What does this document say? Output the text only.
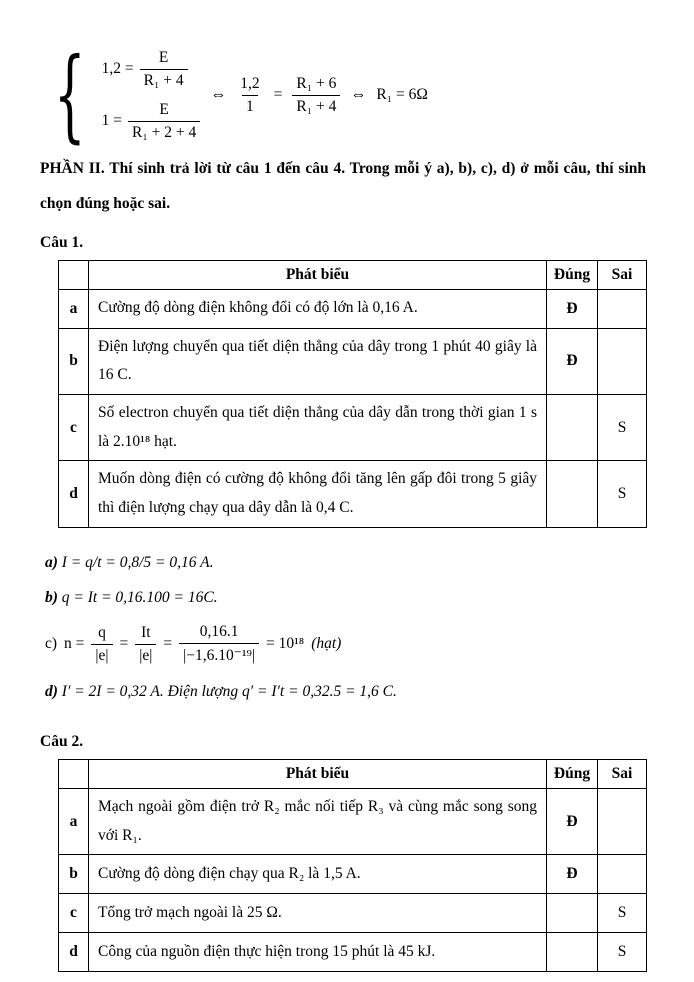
{ $1,2 = \frac{E}{\text{R₁ + 4}}$
$1 = \frac{E}{\text{R₁ + 2 + 4}}$
⇔ $\frac{1,2}{1} = \frac{\text{R₁ + 6}}{\text{R₁ + 4}}$ ⇔ R₁ = 6Ω

PHẦN II. Thí sinh trả lời từ câu 1 đến câu 4. Trong mỗi ý a), b), c), d) ở mỗi câu, thí sinh chọn đúng hoặc sai.

Câu 1.

	Phát biểu	Đúng	Sai
a	Cường độ dòng điện không đổi có độ lớn là 0,16 A.	Đ	
b	Điện lượng chuyển qua tiết diện thẳng của dây trong 1 phút 40 giây là 16 C.	Đ	
c	Số electron chuyển qua tiết diện thẳng của dây dẫn trong thời gian 1 s là 2.10¹⁸ hạt.		S
d	Muốn dòng điện có cường độ không đổi tăng lên gấp đôi trong 5 giây thì điện lượng chạy qua dây dẫn là 0,4 C.		S

a) I = q/t = 0,8/5 = 0,16 A.

b) q = It = 0,16.100 = 16C.

c) $n = \frac{q}{|e|} = \frac{It}{|e|} = \frac{0,16.1}{\text{|−1,6.10⁻¹⁹|}} = 10^{18}$ (hạt)

d) I′ = 2I = 0,32 A. Điện lượng q′ = I′t = 0,32.5 = 1,6 C.

Câu 2.

	Phát biểu	Đúng	Sai
a	Mạch ngoài gồm điện trở R₂ mắc nối tiếp R₃ và cùng mắc song song với R₁.	Đ	
b	Cường độ dòng điện chạy qua R₂ là 1,5 A.	Đ	
c	Tổng trở mạch ngoài là 25 Ω.		S
d	Công của nguồn điện thực hiện trong 15 phút là 45 kJ.		S
